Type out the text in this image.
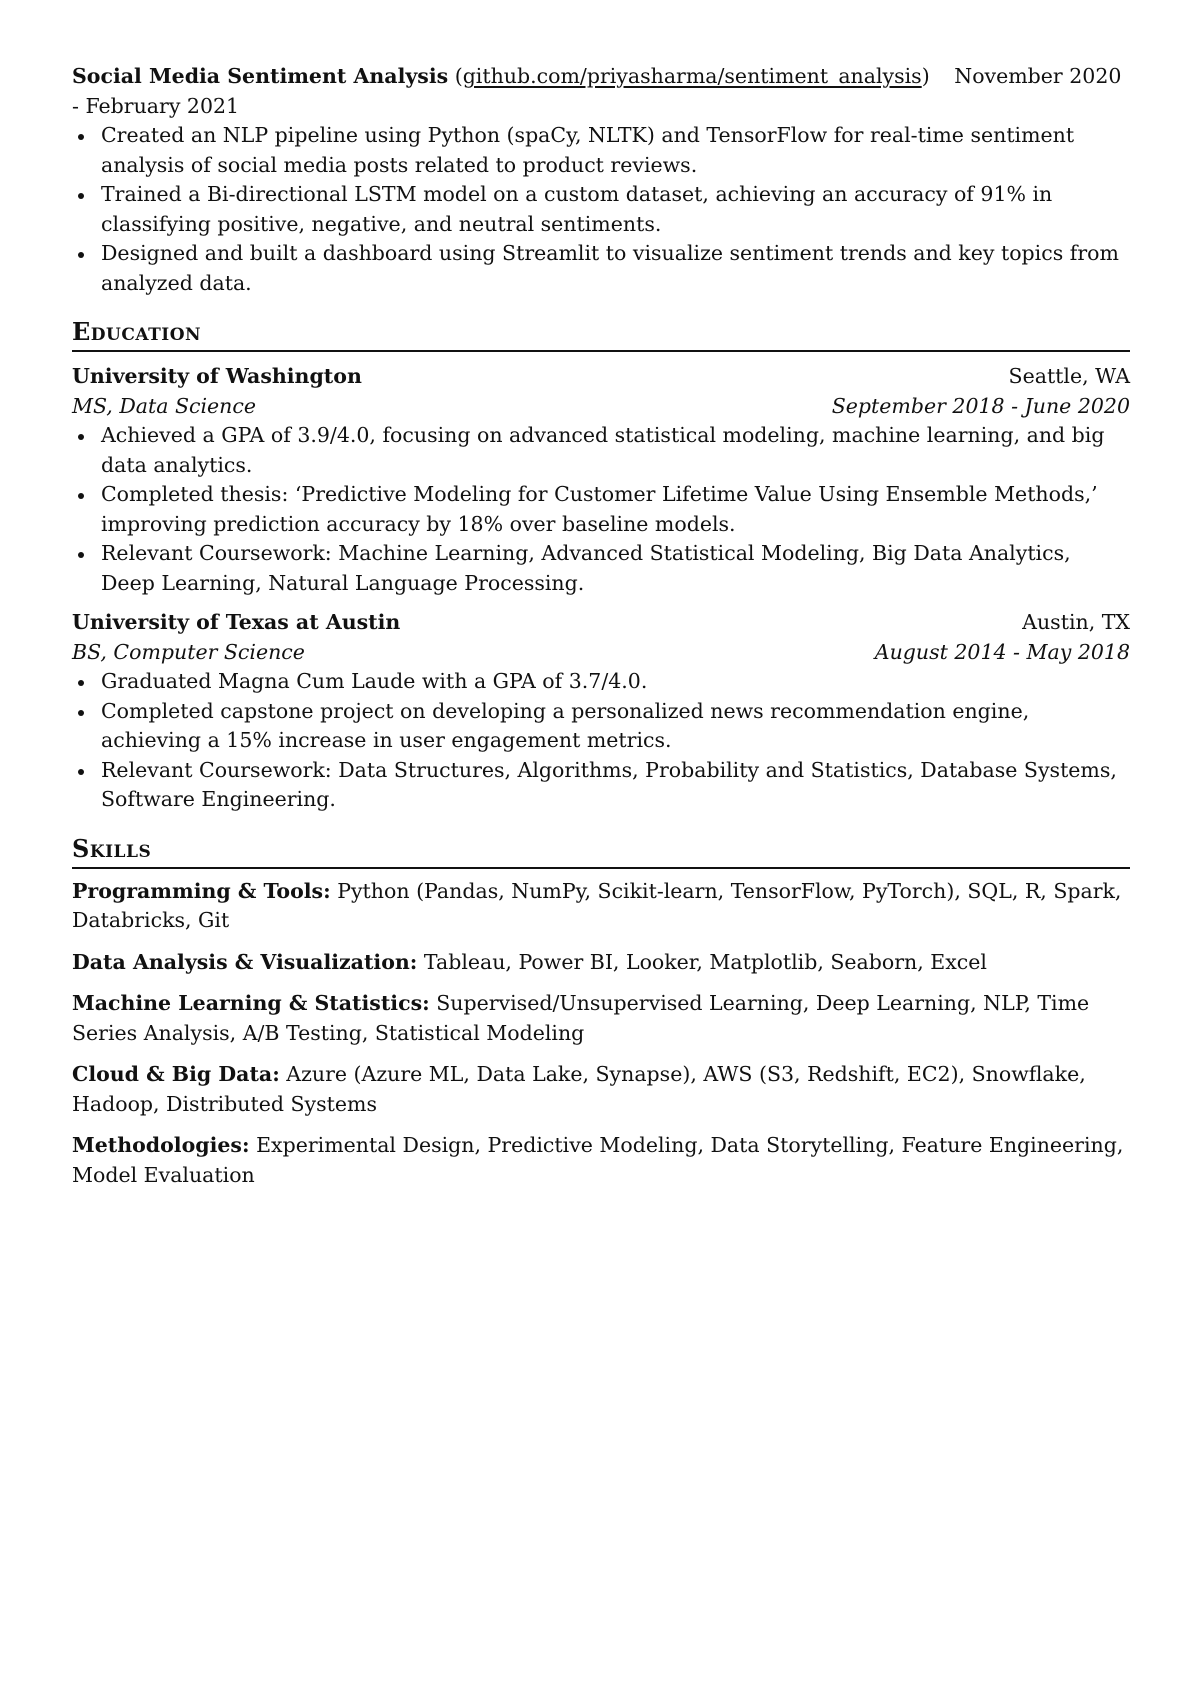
Social Media Sentiment Analysis (github.com/priyasharma/sentiment_analysis) November 2020 - February 2021

Created an NLP pipeline using Python (spaCy, NLTK) and TensorFlow for real-time sentiment analysis of social media posts related to product reviews.
Trained a Bi-directional LSTM model on a custom dataset, achieving an accuracy of 91% in classifying positive, negative, and neutral sentiments.
Designed and built a dashboard using Streamlit to visualize sentiment trends and key topics from analyzed data.
Education
University of Washington	Seattle, WA
MS, Data Science	September 2018 - June 2020
Achieved a GPA of 3.9/4.0, focusing on advanced statistical modeling, machine learning, and big data analytics.
Completed thesis: ‘Predictive Modeling for Customer Lifetime Value Using Ensemble Methods,’ improving prediction accuracy by 18% over baseline models.
Relevant Coursework: Machine Learning, Advanced Statistical Modeling, Big Data Analytics, Deep Learning, Natural Language Processing.
University of Texas at Austin	Austin, TX
BS, Computer Science	August 2014 - May 2018
Graduated Magna Cum Laude with a GPA of 3.7/4.0.
Completed capstone project on developing a personalized news recommendation engine, achieving a 15% increase in user engagement metrics.
Relevant Coursework: Data Structures, Algorithms, Probability and Statistics, Database Systems, Software Engineering.
Skills

Programming & Tools: Python (Pandas, NumPy, Scikit-learn, TensorFlow, PyTorch), SQL, R, Spark, Databricks, Git

Data Analysis & Visualization: Tableau, Power BI, Looker, Matplotlib, Seaborn, Excel

Machine Learning & Statistics: Supervised/Unsupervised Learning, Deep Learning, NLP, Time Series Analysis, A/B Testing, Statistical Modeling

Cloud & Big Data: Azure (Azure ML, Data Lake, Synapse), AWS (S3, Redshift, EC2), Snowflake, Hadoop, Distributed Systems

Methodologies: Experimental Design, Predictive Modeling, Data Storytelling, Feature Engineering, Model Evaluation
